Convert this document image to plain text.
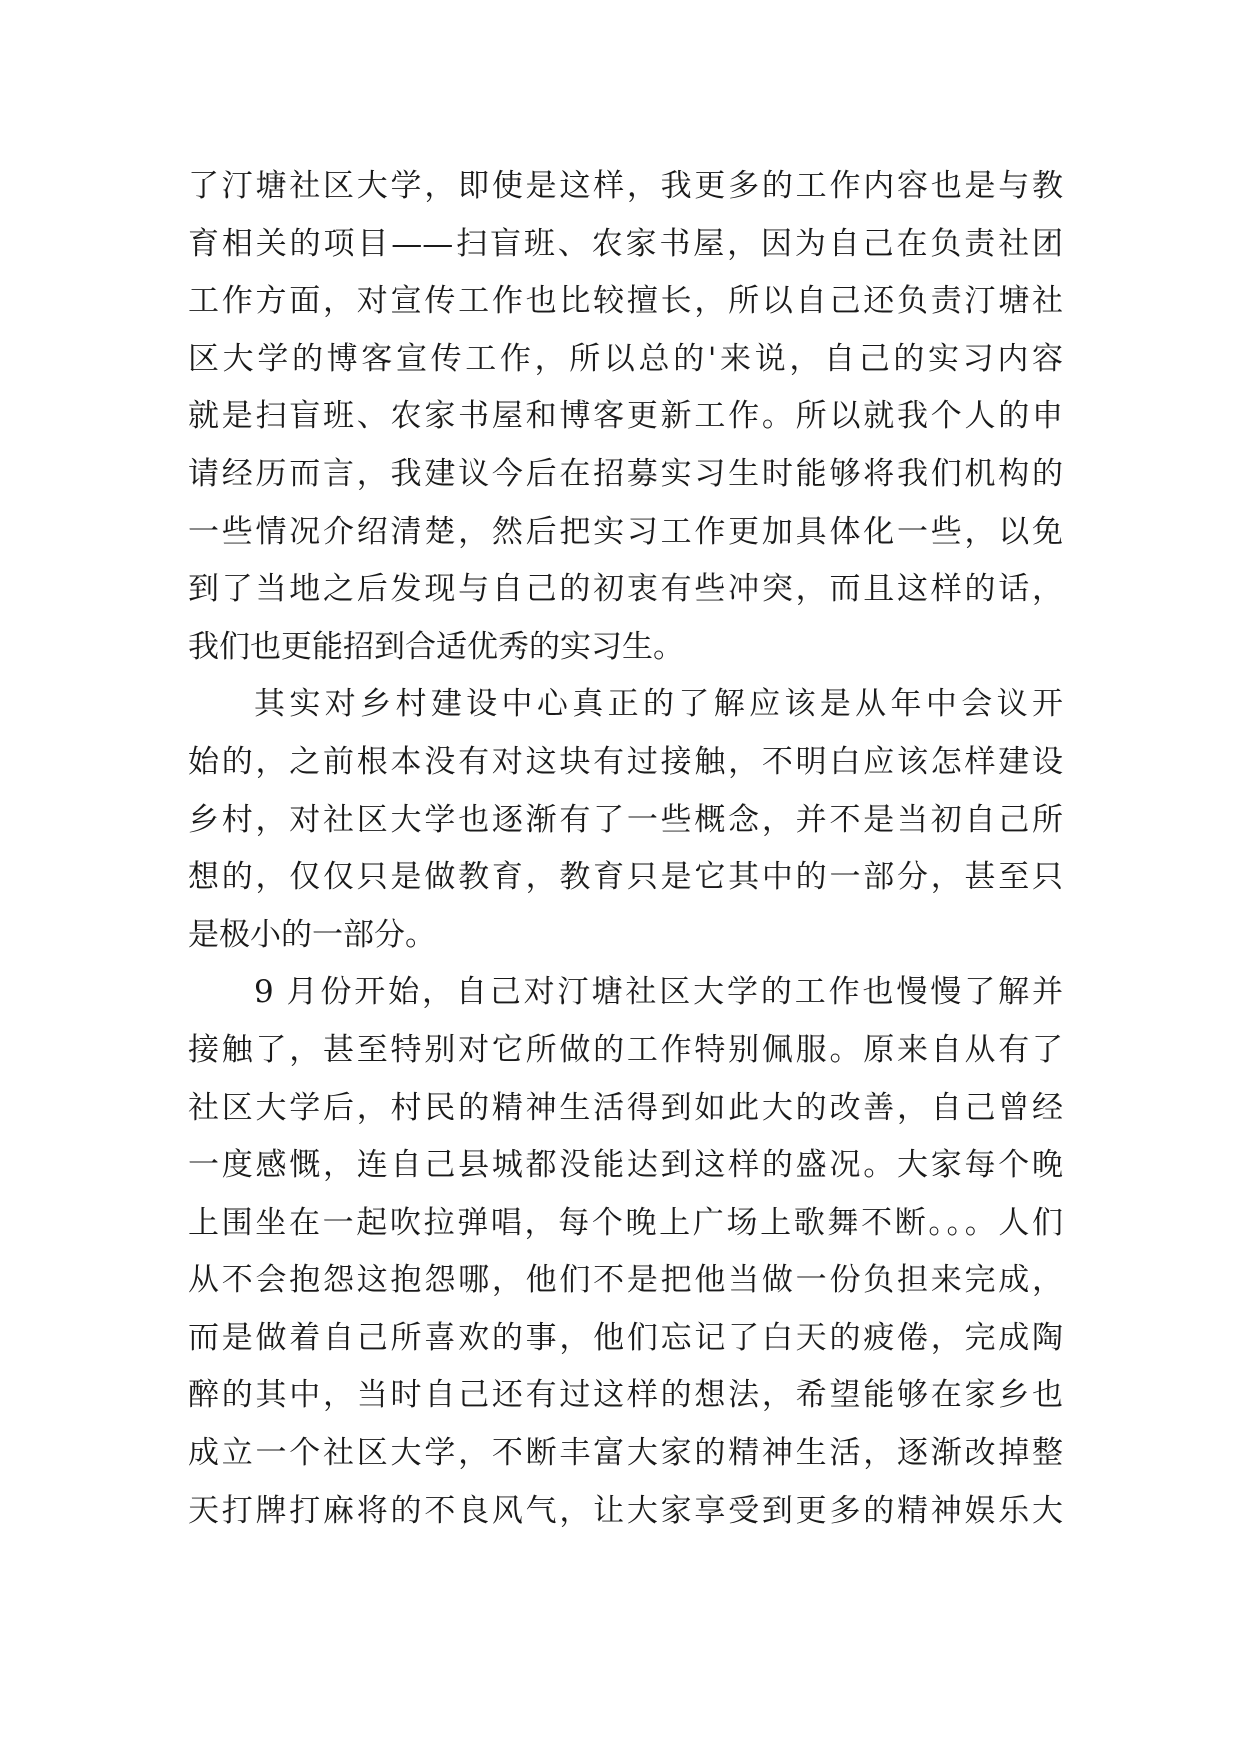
了汀塘社区大学，即使是这样，我更多的工作内容也是与教
育相关的项目——扫盲班、农家书屋，因为自己在负责社团
工作方面，对宣传工作也比较擅长，所以自己还负责汀塘社
区大学的博客宣传工作，所以总的'来说，自己的实习内容
就是扫盲班、农家书屋和博客更新工作。所以就我个人的申
请经历而言，我建议今后在招募实习生时能够将我们机构的
一些情况介绍清楚，然后把实习工作更加具体化一些，以免
到了当地之后发现与自己的初衷有些冲突，而且这样的话，
我们也更能招到合适优秀的实习生。
其实对乡村建设中心真正的了解应该是从年中会议开
始的，之前根本没有对这块有过接触，不明白应该怎样建设
乡村，对社区大学也逐渐有了一些概念，并不是当初自己所
想的，仅仅只是做教育，教育只是它其中的一部分，甚至只
是极小的一部分。
9 月份开始，自己对汀塘社区大学的工作也慢慢了解并
接触了，甚至特别对它所做的工作特别佩服。原来自从有了
社区大学后，村民的精神生活得到如此大的改善，自己曾经
一度感慨，连自己县城都没能达到这样的盛况。大家每个晚
上围坐在一起吹拉弹唱，每个晚上广场上歌舞不断。。。人们
从不会抱怨这抱怨哪，他们不是把他当做一份负担来完成，
而是做着自己所喜欢的事，他们忘记了白天的疲倦，完成陶
醉的其中，当时自己还有过这样的想法，希望能够在家乡也
成立一个社区大学，不断丰富大家的精神生活，逐渐改掉整
天打牌打麻将的不良风气，让大家享受到更多的精神娱乐大
